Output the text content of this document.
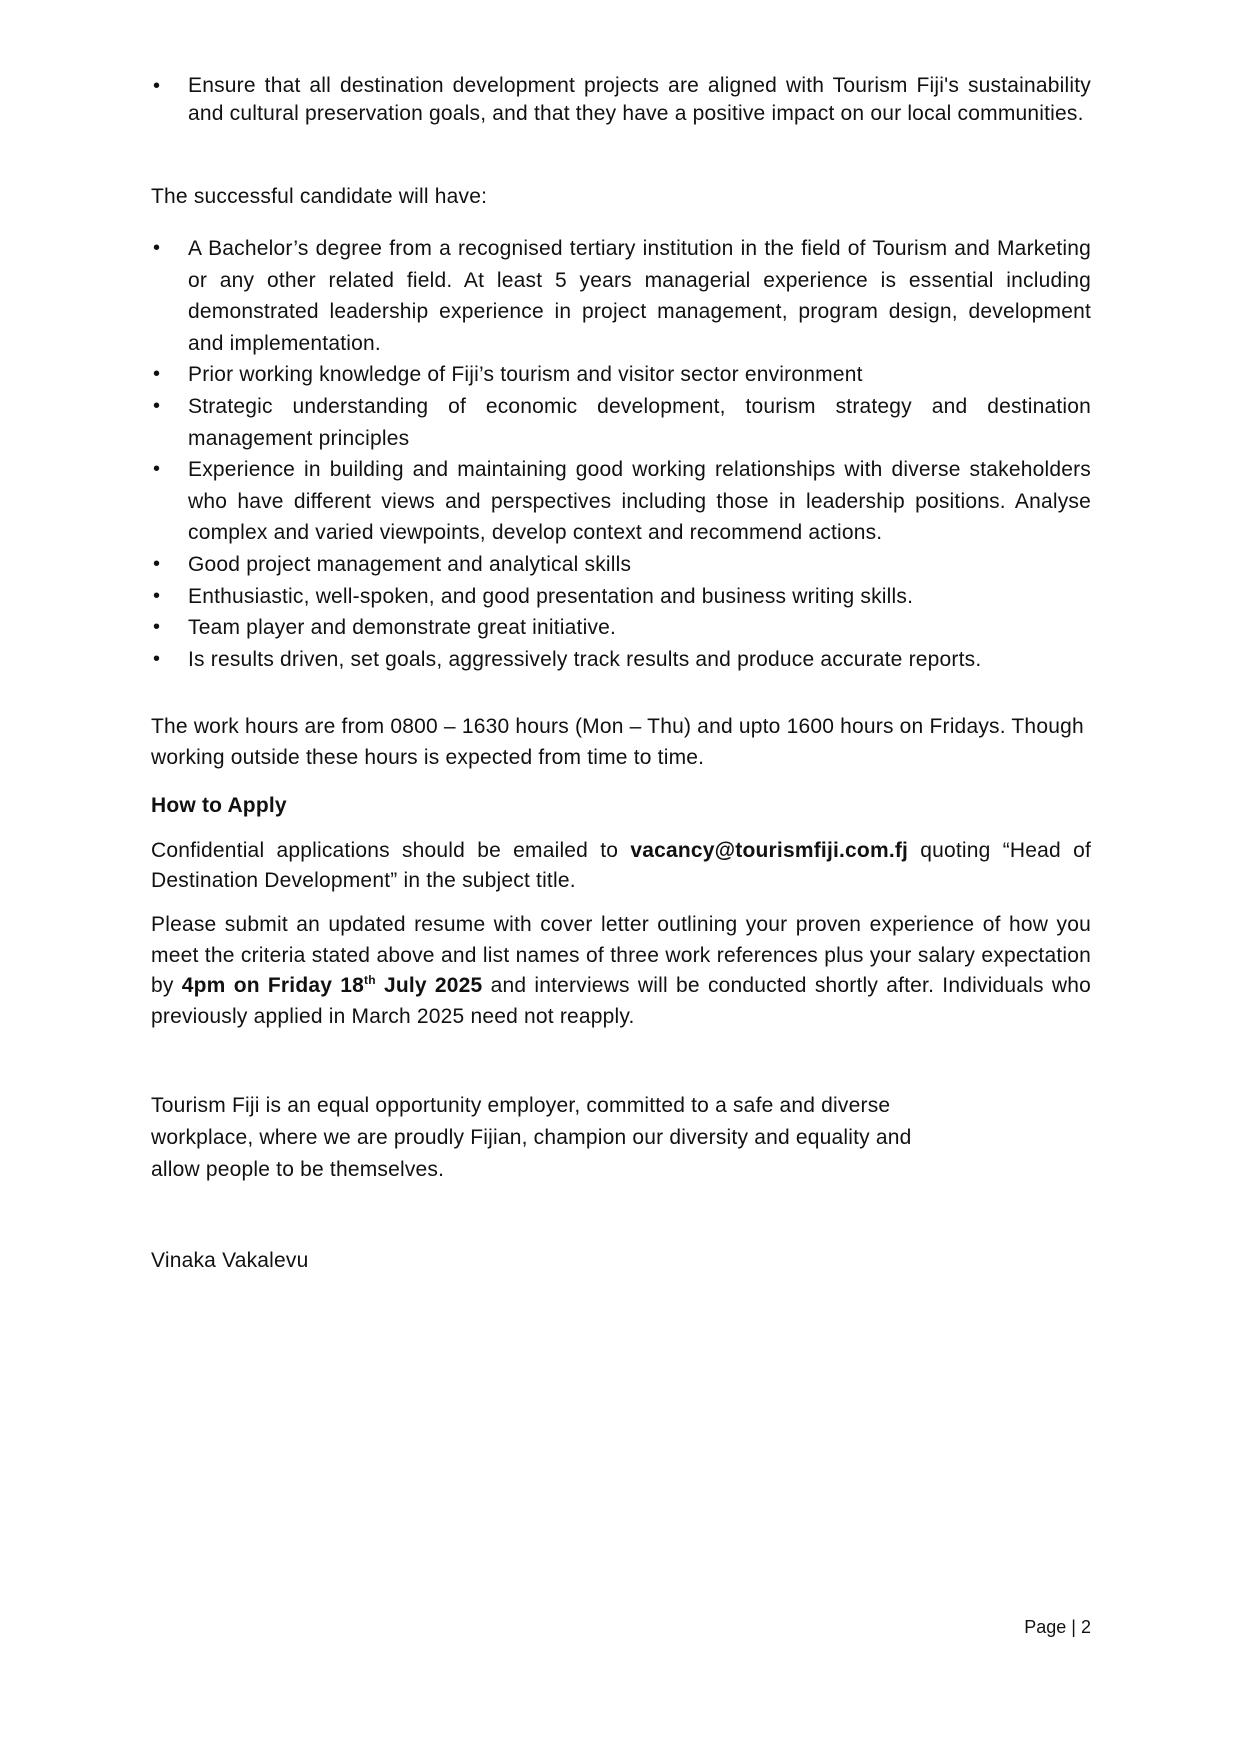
• Ensure that all destination development projects are aligned with Tourism Fiji's sustainability and cultural preservation goals, and that they have a positive impact on our local communities.

The successful candidate will have:

• A Bachelor’s degree from a recognised tertiary institution in the field of Tourism and Marketing or any other related field. At least 5 years managerial experience is essential including demonstrated leadership experience in project management, program design, development and implementation.
• Prior working knowledge of Fiji’s tourism and visitor sector environment
• Strategic understanding of economic development, tourism strategy and destination management principles
• Experience in building and maintaining good working relationships with diverse stakeholders who have different views and perspectives including those in leadership positions. Analyse complex and varied viewpoints, develop context and recommend actions.
• Good project management and analytical skills
• Enthusiastic, well-spoken, and good presentation and business writing skills.
• Team player and demonstrate great initiative.
• Is results driven, set goals, aggressively track results and produce accurate reports.

The work hours are from 0800 – 1630 hours (Mon – Thu) and upto 1600 hours on Fridays. Though working outside these hours is expected from time to time.

How to Apply

Confidential applications should be emailed to vacancy@tourismfiji.com.fj quoting “Head of Destination Development” in the subject title.

Please submit an updated resume with cover letter outlining your proven experience of how you meet the criteria stated above and list names of three work references plus your salary expectation by 4pm on Friday 18th July 2025 and interviews will be conducted shortly after. Individuals who previously applied in March 2025 need not reapply.

Tourism Fiji is an equal opportunity employer, committed to a safe and diverse

workplace, where we are proudly Fijian, champion our diversity and equality and

allow people to be themselves.

Vinaka Vakalevu

Page | 2
